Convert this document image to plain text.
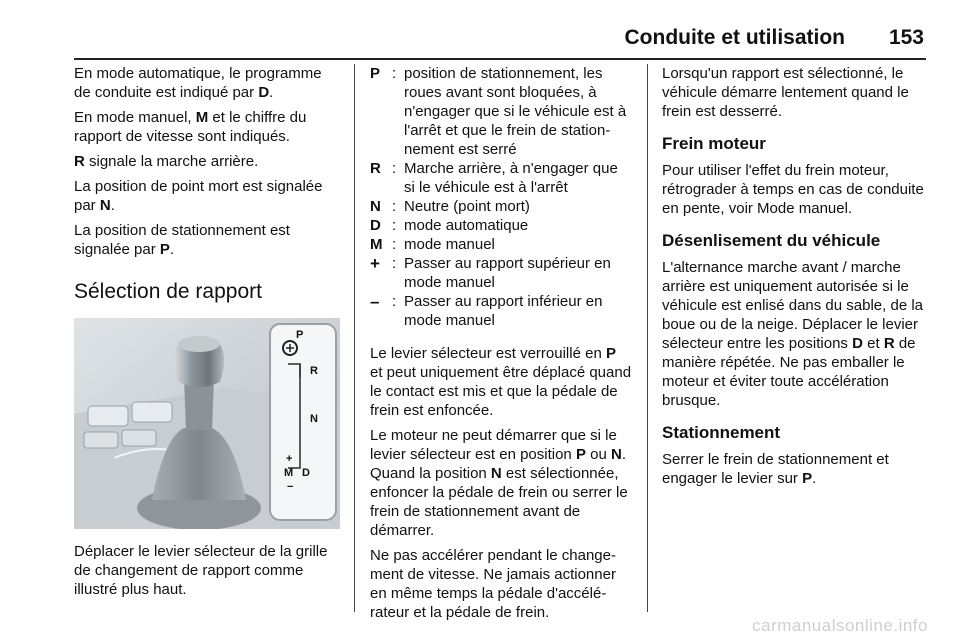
Conduite et utilisation	153

En mode automatique, le programme de conduite est indiqué par D.

En mode manuel, M et le chiffre du rapport de vitesse sont indiqués.

R signale la marche arrière.

La position de point mort est signalée par N.

La position de stationnement est signalée par P.

Sélection de rapport
P
R
N
+
M D
−

Déplacer le levier sélecteur de la grille de changement de rapport comme illustré plus haut.

P : position de stationnement, les roues avant sont bloquées, à n'engager que si le véhicule est à l'arrêt et que le frein de stationnement est serré
R : Marche arrière, à n'engager que si le véhicule est à l'arrêt
N : Neutre (point mort)
D : mode automatique
M : mode manuel
+ : Passer au rapport supérieur en mode manuel
– : Passer au rapport inférieur en mode manuel

Le levier sélecteur est verrouillé en P et peut uniquement être déplacé quand le contact est mis et que la pédale de frein est enfoncée.

Le moteur ne peut démarrer que si le levier sélecteur est en position P ou N. Quand la position N est sélectionnée, enfoncer la pédale de frein ou serrer le frein de stationnement avant de démarrer.

Ne pas accélérer pendant le changement de vitesse. Ne jamais actionner en même temps la pédale d'accélérateur et la pédale de frein.

Lorsqu'un rapport est sélectionné, le véhicule démarre lentement quand le frein est desserré.

Frein moteur

Pour utiliser l'effet du frein moteur, rétrograder à temps en cas de conduite en pente, voir Mode manuel.

Désenlisement du véhicule

L'alternance marche avant / marche arrière est uniquement autorisée si le véhicule est enlisé dans du sable, de la boue ou de la neige. Déplacer le levier sélecteur entre les positions D et R de manière répétée. Ne pas emballer le moteur et éviter toute accélération brusque.

Stationnement

Serrer le frein de stationnement et engager le levier sur P.

carmanualsonline.info
